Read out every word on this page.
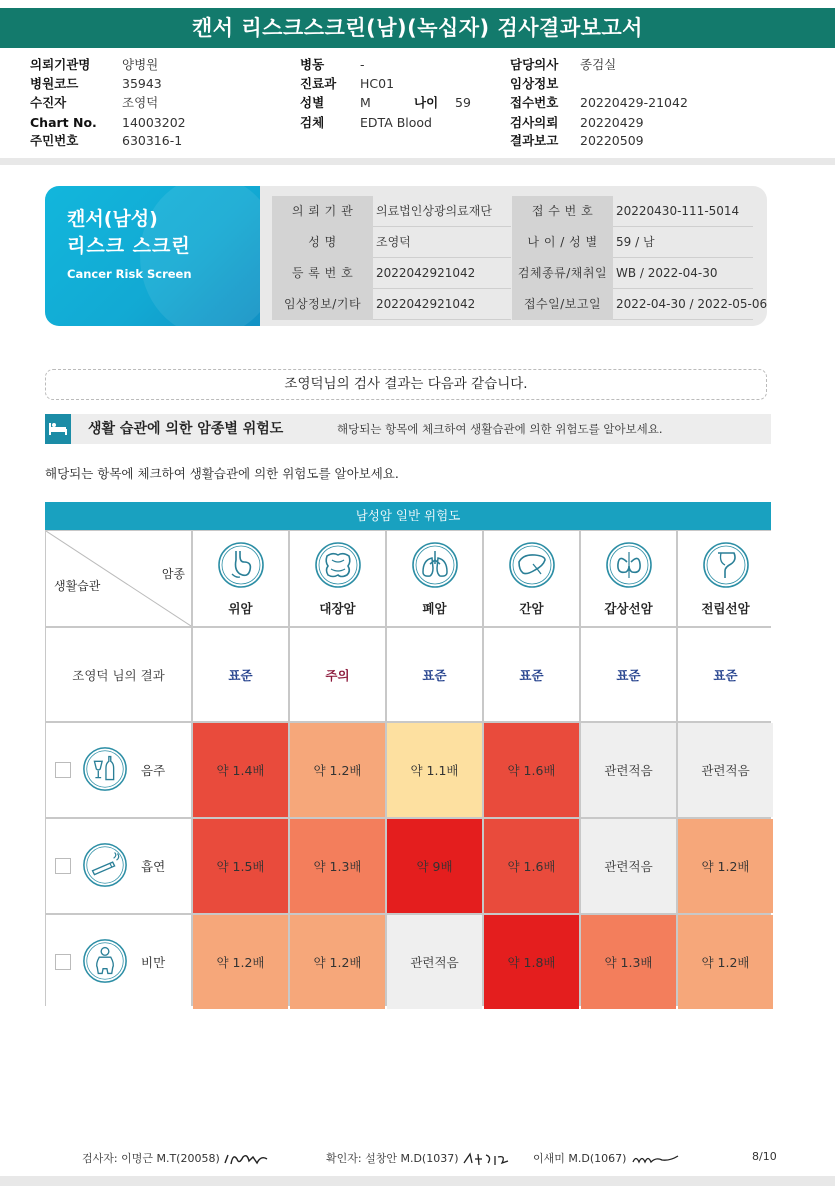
캔서 리스크스크린(남)(녹십자) 검사결과보고서
의뢰기관명	양병원
병원코드	35943
수진자	조영덕
Chart No. 14003202
주민번호	630316-1
병동	-
진료과 HC01
성별	M
검체	EDTA Blood
담당의사 종검실
임상정보
접수번호 20220429-21042
검사의뢰 20220429
결과보고 20220509
나이 59
캔서(남성)
리스크 스크린
Cancer Risk Screen
의 뢰 기 관	의료법인상광의료재단	접 수 번 호	20220430-111-5014
성 명	조영덕	나 이 / 성 별	59 / 남
등 록 번 호	2022042921042	검체종류/채취일 WB / 2022-04-30
임상정보/기타	2022042921042	접수일/보고일	2022-04-30 / 2022-05-06
조영덕님의 검사 결과는 다음과 같습니다.
생활 습관에 의한 암종별 위험도	해당되는 항목에 체크하여 생활습관에 의한 위험도를 알아보세요.
해당되는 항목에 체크하여 생활습관에 의한 위험도를 알아보세요.
남성암 일반 위험도
암종
생활습관
위암	대장암	폐암	간암	갑상선암	전립선암
조영덕 님의 결과	표준	주의	표준	표준	표준	표준
음주	약 1.4배	약 1.2배	약 1.1배	약 1.6배	관련적음	관련적음
흡연	약 1.5배	약 1.3배	약 9배	약 1.6배	관련적음	약 1.2배
비만	약 1.2배	약 1.2배	관련적음	약 1.8배	약 1.3배	약 1.2배
검사자: 이명근 M.T(20058)	확인자: 설창안 M.D(1037)	이새미 M.D(1067)	8/10
